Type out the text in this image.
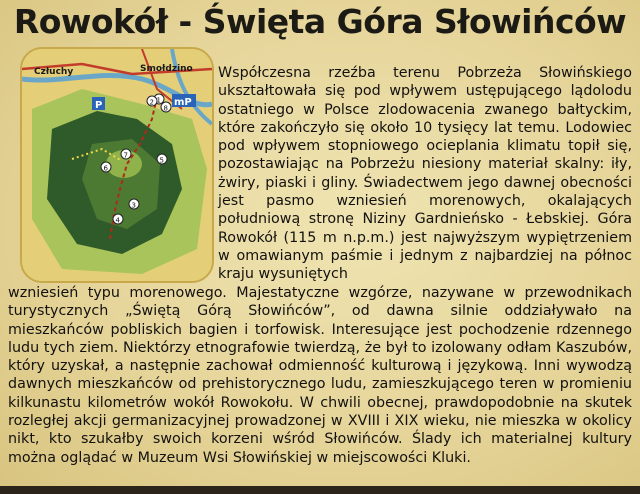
Rowokół - Święta Góra Słowińców
Człuchy	Smołdzino
P	mP
1
2
3
4
5
6
7
8

Współczesna rzeźba terenu Pobrzeża Słowińskiego ukształtowała się pod wpływem ustępującego lądolodu ostatniego w Polsce zlodowacenia zwanego bałtyckim, które zakończyło się około 10 tysięcy lat temu. Lodowiec pod wpływem stopniowego ocieplania klimatu topił się, pozostawiając na Pobrzeżu niesiony materiał skalny: iły, żwiry, piaski i gliny. Świadectwem jego dawnej obecności jest pasmo wzniesień morenowych, okalających południową stronę Niziny Gardnieńsko - Łebskiej. Góra Rowokół (115 m n.p.m.) jest najwyższym wypiętrzeniem w omawianym paśmie i jednym z najbardziej na północ kraju wysuniętych

wzniesień typu morenowego. Majestatyczne wzgórze, nazywane w przewodnikach turystycznych „Świętą Górą Słowińców”, od dawna silnie oddziaływało na mieszkańców pobliskich bagien i torfowisk. Interesujące jest pochodzenie rdzennego ludu tych ziem. Niektórzy etnografowie twierdzą, że był to izolowany odłam Kaszubów, który uzyskał, a następnie zachował odmienność kulturową i językową. Inni wywodzą dawnych mieszkańców od prehistorycznego ludu, zamieszkującego teren w promieniu kilkunastu kilometrów wokół Rowokołu. W chwili obecnej, prawdopodobnie na skutek rozległej akcji germanizacyjnej prowadzonej w XVIII i XIX wieku, nie mieszka w okolicy nikt, kto szukałby swoich korzeni wśród Słowińców. Ślady ich materialnej kultury można oglądać w Muzeum Wsi Słowińskiej w miejscowości Kluki.
